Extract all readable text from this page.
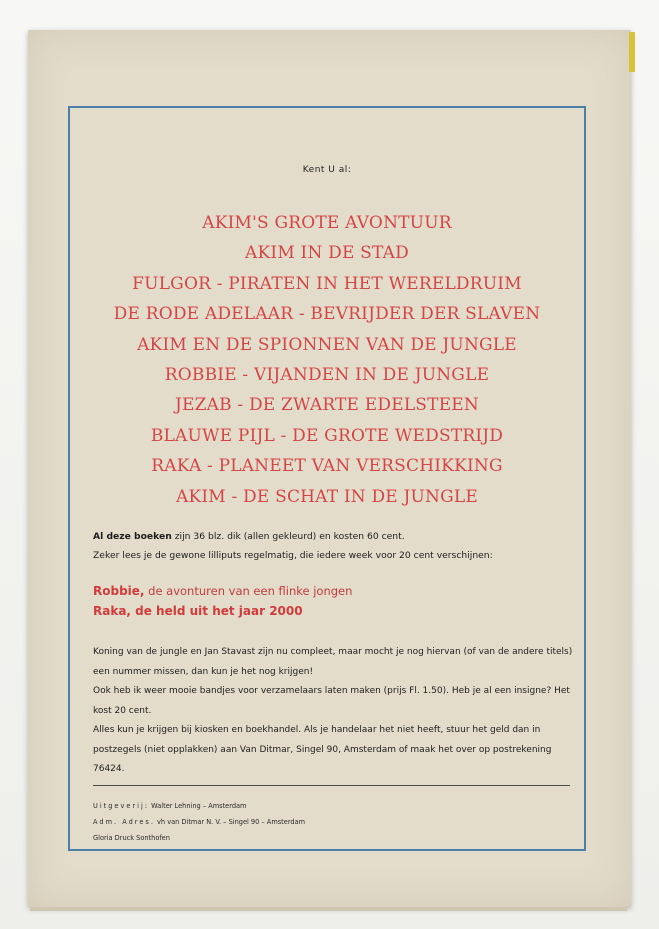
Kent U al:
AKIM'S GROTE AVONTUUR
AKIM IN DE STAD
FULGOR - PIRATEN IN HET WERELDRUIM
DE RODE ADELAAR - BEVRIJDER DER SLAVEN
AKIM EN DE SPIONNEN VAN DE JUNGLE
ROBBIE - VIJANDEN IN DE JUNGLE
JEZAB - DE ZWARTE EDELSTEEN
BLAUWE PIJL - DE GROTE WEDSTRIJD
RAKA - PLANEET VAN VERSCHIKKING
AKIM - DE SCHAT IN DE JUNGLE
Al deze boeken zijn 36 blz. dik (allen gekleurd) en kosten 60 cent.
Zeker lees je de gewone lilliputs regelmatig, die iedere week voor 20 cent verschijnen:
Robbie, de avonturen van een flinke jongen
Raka, de held uit het jaar 2000

Koning van de jungle en Jan Stavast zijn nu compleet, maar mocht je nog hiervan (of van de andere titels) een nummer missen, dan kun je het nog krijgen!

Ook heb ik weer mooie bandjes voor verzamelaars laten maken (prijs Fl. 1.50). Heb je al een insigne? Het kost 20 cent.

Alles kun je krijgen bij kiosken en boekhandel. Als je handelaar het niet heeft, stuur het geld dan in postzegels (niet opplakken) aan Van Ditmar, Singel 90, Amsterdam of maak het over op postrekening 76424.

Uitgeverij: Walter Lehning – Amsterdam

Adm. Adres. vh van Ditmar N. V. – Singel 90 – Amsterdam

Gloria Druck Sonthofen
